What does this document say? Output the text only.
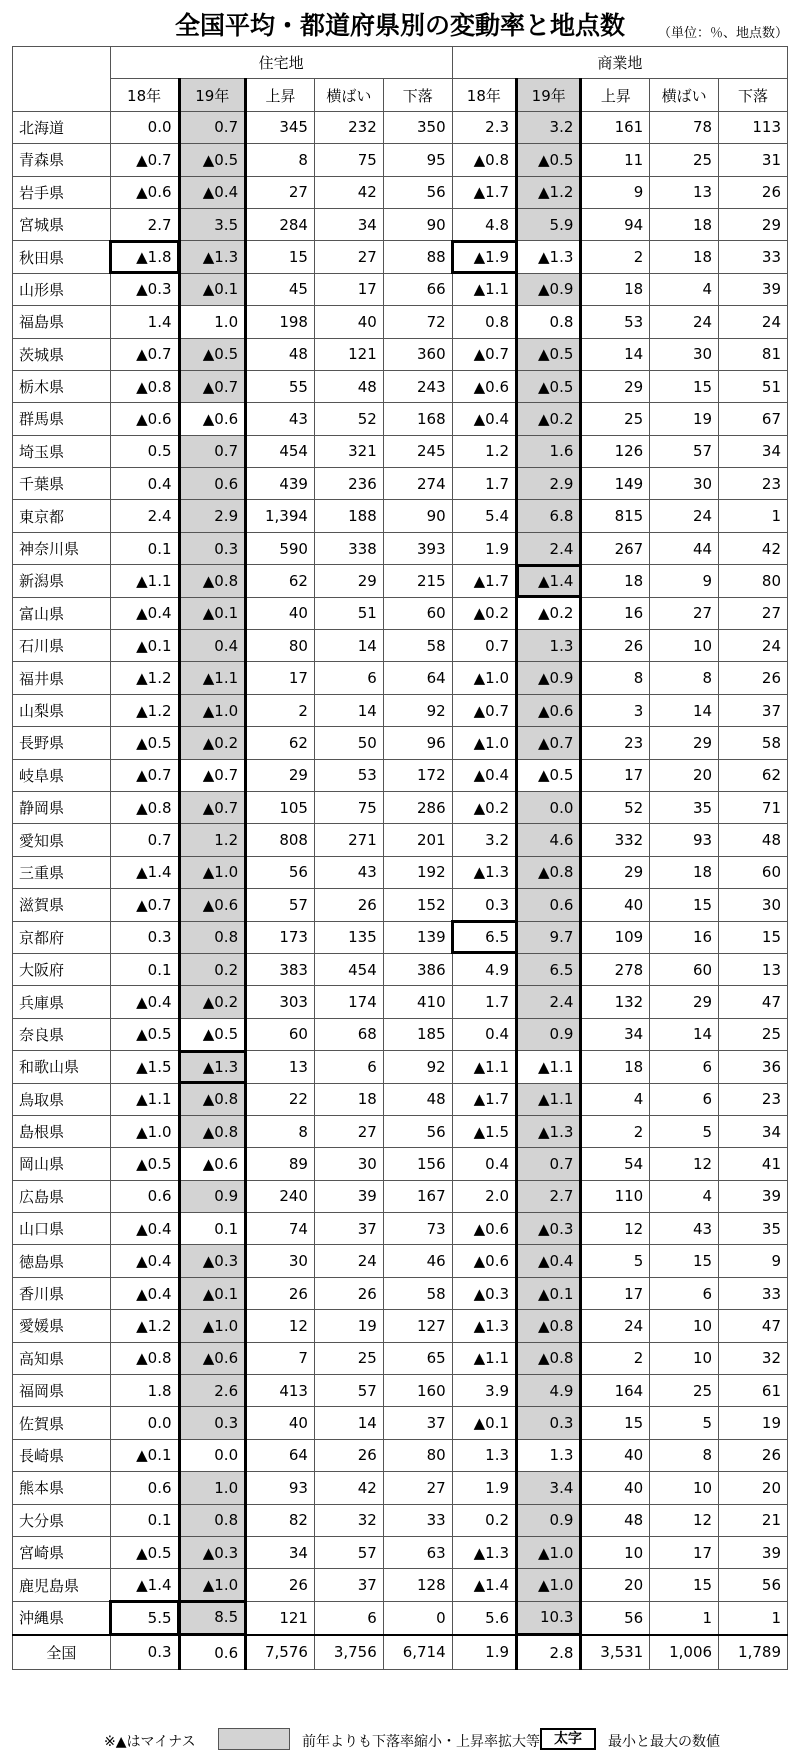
全国平均・都道府県別の変動率と地点数	（単位：％、地点数）
	住宅地					商業地				
	18年	19年	上昇	横ばい	下落	18年	19年	上昇	横ばい	下落
北海道	0.0	0.7	345	232	350	2.3	3.2	161	78	113
青森県	▲0.7	▲0.5	8	75	95	▲0.8	▲0.5	11	25	31
岩手県	▲0.6	▲0.4	27	42	56	▲1.7	▲1.2	9	13	26
宮城県	2.7	3.5	284	34	90	4.8	5.9	94	18	29
秋田県	▲1.8	▲1.3	15	27	88	▲1.9	▲1.3	2	18	33
山形県	▲0.3	▲0.1	45	17	66	▲1.1	▲0.9	18	4	39
福島県	1.4	1.0	198	40	72	0.8	0.8	53	24	24
茨城県	▲0.7	▲0.5	48	121	360	▲0.7	▲0.5	14	30	81
栃木県	▲0.8	▲0.7	55	48	243	▲0.6	▲0.5	29	15	51
群馬県	▲0.6	▲0.6	43	52	168	▲0.4	▲0.2	25	19	67
埼玉県	0.5	0.7	454	321	245	1.2	1.6	126	57	34
千葉県	0.4	0.6	439	236	274	1.7	2.9	149	30	23
東京都	2.4	2.9	1,394	188	90	5.4	6.8	815	24	1
神奈川県	0.1	0.3	590	338	393	1.9	2.4	267	44	42
新潟県	▲1.1	▲0.8	62	29	215	▲1.7	▲1.4	18	9	80
富山県	▲0.4	▲0.1	40	51	60	▲0.2	▲0.2	16	27	27
石川県	▲0.1	0.4	80	14	58	0.7	1.3	26	10	24
福井県	▲1.2	▲1.1	17	6	64	▲1.0	▲0.9	8	8	26
山梨県	▲1.2	▲1.0	2	14	92	▲0.7	▲0.6	3	14	37
長野県	▲0.5	▲0.2	62	50	96	▲1.0	▲0.7	23	29	58
岐阜県	▲0.7	▲0.7	29	53	172	▲0.4	▲0.5	17	20	62
静岡県	▲0.8	▲0.7	105	75	286	▲0.2	0.0	52	35	71
愛知県	0.7	1.2	808	271	201	3.2	4.6	332	93	48
三重県	▲1.4	▲1.0	56	43	192	▲1.3	▲0.8	29	18	60
滋賀県	▲0.7	▲0.6	57	26	152	0.3	0.6	40	15	30
京都府	0.3	0.8	173	135	139	6.5	9.7	109	16	15
大阪府	0.1	0.2	383	454	386	4.9	6.5	278	60	13
兵庫県	▲0.4	▲0.2	303	174	410	1.7	2.4	132	29	47
奈良県	▲0.5	▲0.5	60	68	185	0.4	0.9	34	14	25
和歌山県	▲1.5	▲1.3	13	6	92	▲1.1	▲1.1	18	6	36
鳥取県	▲1.1	▲0.8	22	18	48	▲1.7	▲1.1	4	6	23
島根県	▲1.0	▲0.8	8	27	56	▲1.5	▲1.3	2	5	34
岡山県	▲0.5	▲0.6	89	30	156	0.4	0.7	54	12	41
広島県	0.6	0.9	240	39	167	2.0	2.7	110	4	39
山口県	▲0.4	0.1	74	37	73	▲0.6	▲0.3	12	43	35
徳島県	▲0.4	▲0.3	30	24	46	▲0.6	▲0.4	5	15	9
香川県	▲0.4	▲0.1	26	26	58	▲0.3	▲0.1	17	6	33
愛媛県	▲1.2	▲1.0	12	19	127	▲1.3	▲0.8	24	10	47
高知県	▲0.8	▲0.6	7	25	65	▲1.1	▲0.8	2	10	32
福岡県	1.8	2.6	413	57	160	3.9	4.9	164	25	61
佐賀県	0.0	0.3	40	14	37	▲0.1	0.3	15	5	19
長崎県	▲0.1	0.0	64	26	80	1.3	1.3	40	8	26
熊本県	0.6	1.0	93	42	27	1.9	3.4	40	10	20
大分県	0.1	0.8	82	32	33	0.2	0.9	48	12	21
宮崎県	▲0.5	▲0.3	34	57	63	▲1.3	▲1.0	10	17	39
鹿児島県	▲1.4	▲1.0	26	37	128	▲1.4	▲1.0	20	15	56
沖縄県	5.5	8.5	121	6	0	5.6	10.3	56	1	1
全国	0.3	0.6	7,576	3,756	6,714	1.9	2.8	3,531	1,006	1,789
※▲はマイナス	前年よりも下落率縮小・上昇率拡大等	太字	最小と最大の数値
